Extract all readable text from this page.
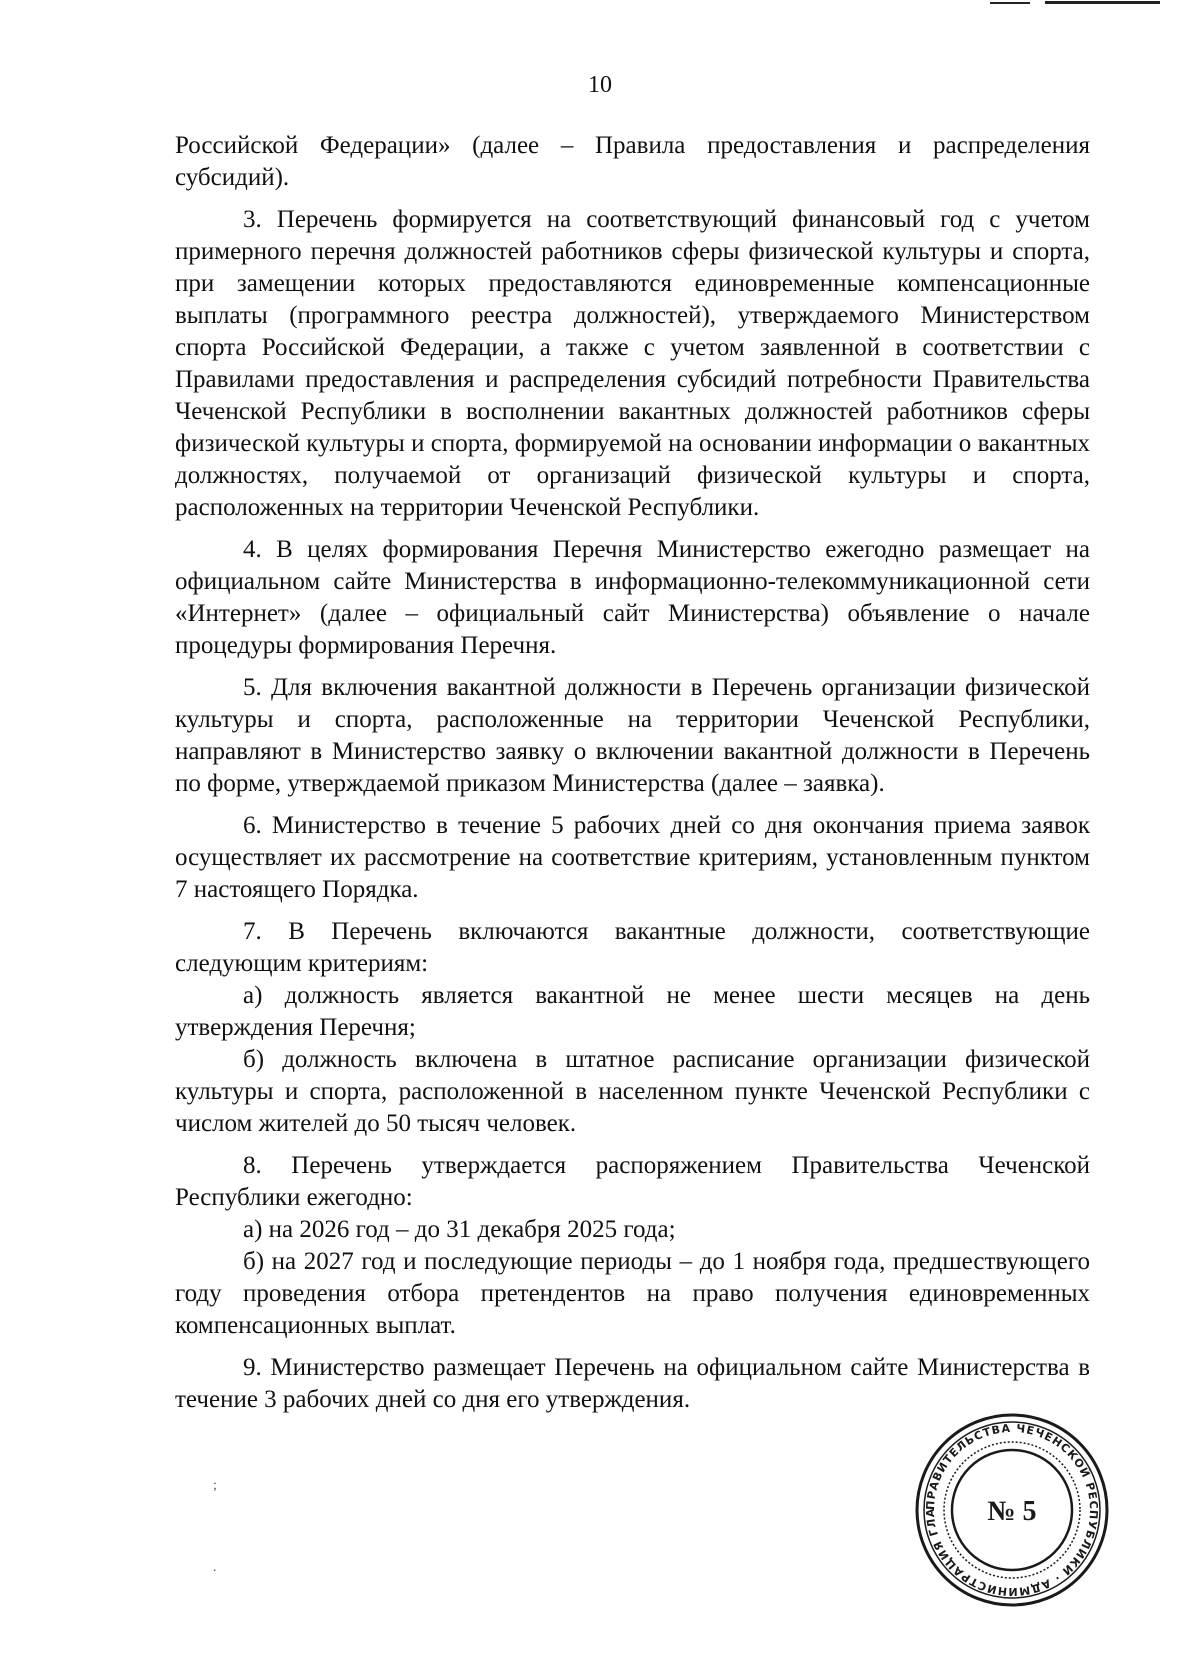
10

Российской Федерации» (далее – Правила предоставления и распределения субсидий).

3. Перечень формируется на соответствующий финансовый год с учетом примерного перечня должностей работников сферы физической культуры и спорта, при замещении которых предоставляются единовременные компенсационные выплаты (программного реестра должностей), утверждаемого Министерством спорта Российской Федерации, а также с учетом заявленной в соответствии с Правилами предоставления и распределения субсидий потребности Правительства Чеченской Республики в восполнении вакантных должностей работников сферы физической культуры и спорта, формируемой на основании информации о вакантных должностях, получаемой от организаций физической культуры и спорта, расположенных на территории Чеченской Республики.

4. В целях формирования Перечня Министерство ежегодно размещает на официальном сайте Министерства в информационно-телекоммуникационной сети «Интернет» (далее – официальный сайт Министерства) объявление о начале процедуры формирования Перечня.

5. Для включения вакантной должности в Перечень организации физической культуры и спорта, расположенные на территории Чеченской Республики, направляют в Министерство заявку о включении вакантной должности в Перечень по форме, утверждаемой приказом Министерства (далее – заявка).

6. Министерство в течение 5 рабочих дней со дня окончания приема заявок осуществляет их рассмотрение на соответствие критериям, установленным пунктом 7 настоящего Порядка.

7. В Перечень включаются вакантные должности, соответствующие следующим критериям:

а) должность является вакантной не менее шести месяцев на день утверждения Перечня;

б) должность включена в штатное расписание организации физической культуры и спорта, расположенной в населенном пункте Чеченской Республики с числом жителей до 50 тысяч человек.

8. Перечень утверждается распоряжением Правительства Чеченской Республики ежегодно:

а) на 2026 год – до 31 декабря 2025 года;

б) на 2027 год и последующие периоды – до 1 ноября года, предшествующего году проведения отбора претендентов на право получения единовременных компенсационных выплат.

9. Министерство размещает Перечень на официальном сайте Министерства в течение 3 рабочих дней со дня его утверждения.

;
.
ПРАВИТЕЛЬСТВА ЧЕЧЕНСКОЙ РЕСПУБЛИКИ · АДМИНИСТРАЦИЯ ГЛА	№ 5
